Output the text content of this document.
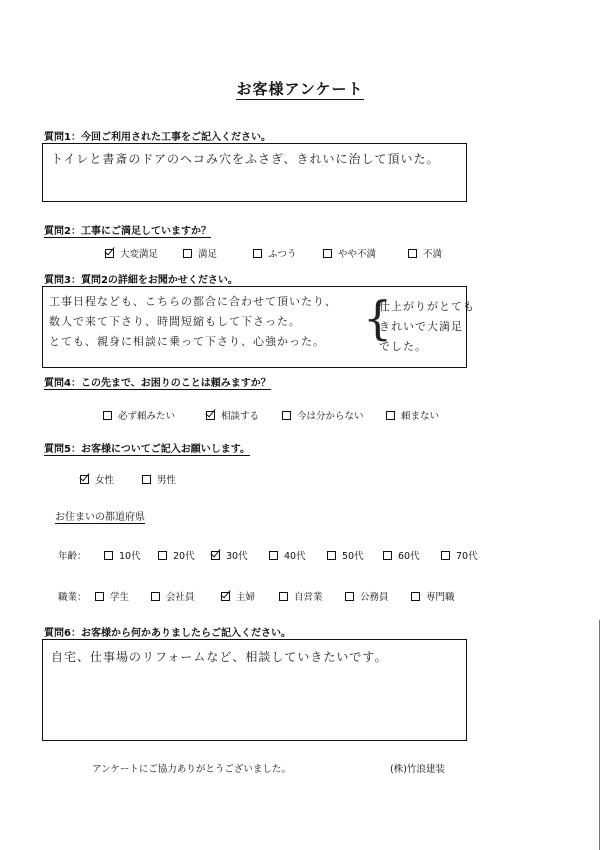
お客様アンケート
質問1：今回ご利用された工事をご記入ください。
トイレと書斎のドアのヘコみ穴をふさぎ、きれいに治して頂いた。
質問2：工事にご満足していますか？
大変満足	満足	ふつう	やや不満	不満
質問3：質問2の詳細をお聞かせください。
工事日程なども、こちらの都合に合わせて頂いたり、
数人で来て下さり、時間短縮もして下さった。
とても、親身に相談に乗って下さり、心強かった。 {
仕上がりがとても
きれいで大満足
でした。
質問4：この先まで、お困りのことは頼みますか？
必ず頼みたい	相談する	今は分からない	頼まない
質問5：お客様についてご記入お願いします。
女性	男性
お住まいの都道府県
年齢：	10代	20代	30代	40代	50代	60代	70代
職業： 学生	会社員	主婦	自営業	公務員	専門職
質問6：お客様から何かありましたらご記入ください。
自宅、仕事場のリフォームなど、相談していきたいです。
アンケートにご協力ありがとうございました。	(株)竹浪建装
